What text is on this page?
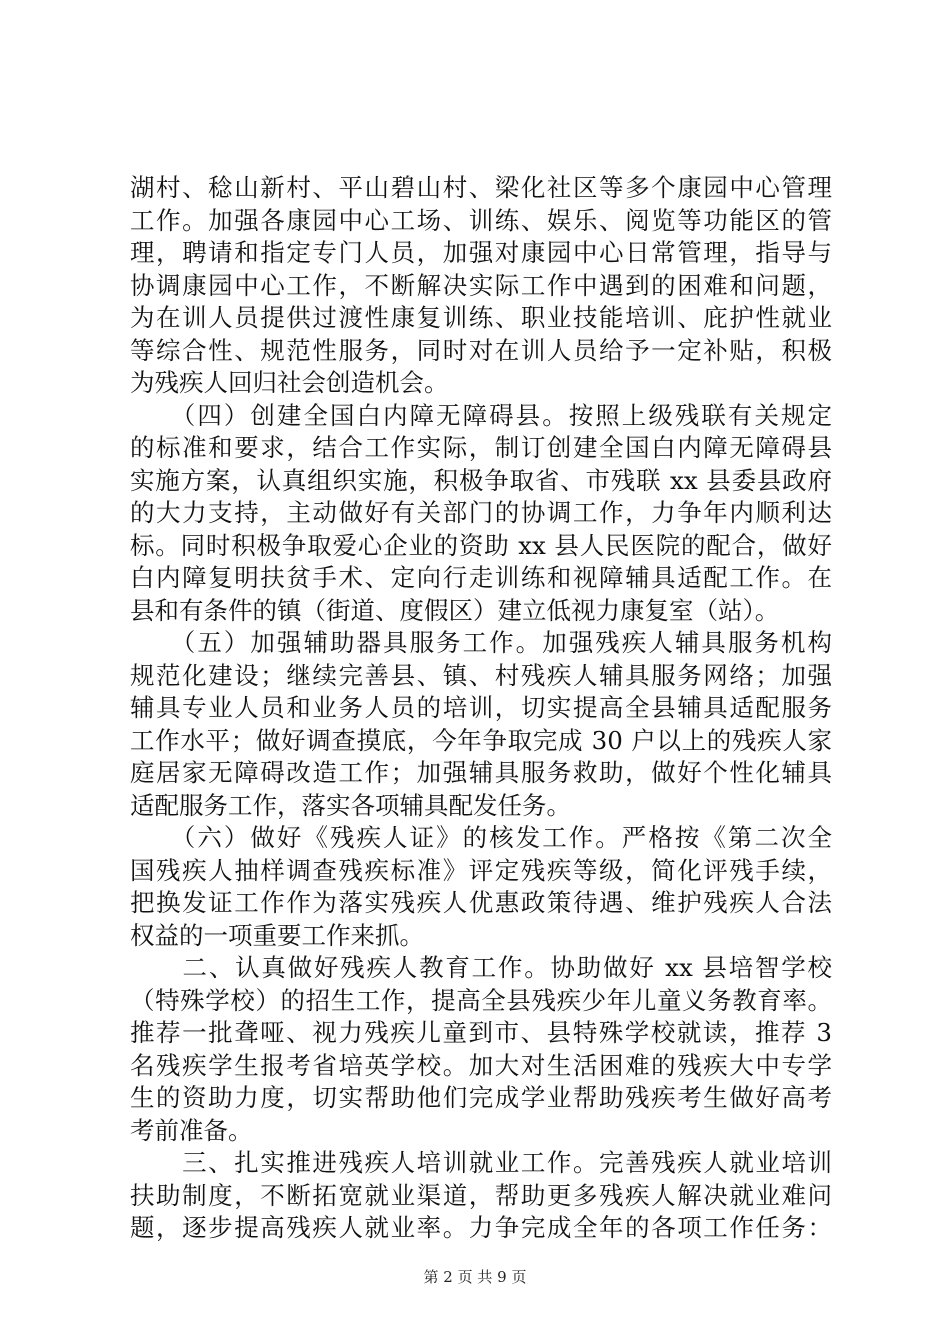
湖村、稔山新村、平山碧山村、梁化社区等多个康园中心管理
工作。加强各康园中心工场、训练、娱乐、阅览等功能区的管
理，聘请和指定专门人员，加强对康园中心日常管理，指导与
协调康园中心工作，不断解决实际工作中遇到的困难和问题，
为在训人员提供过渡性康复训练、职业技能培训、庇护性就业
等综合性、规范性服务，同时对在训人员给予一定补贴，积极
为残疾人回归社会创造机会。
　　（四）创建全国白内障无障碍县。按照上级残联有关规定
的标准和要求，结合工作实际，制订创建全国白内障无障碍县
实施方案，认真组织实施，积极争取省、市残联 xx 县委县政府
的大力支持，主动做好有关部门的协调工作，力争年内顺利达
标。同时积极争取爱心企业的资助 xx 县人民医院的配合，做好
白内障复明扶贫手术、定向行走训练和视障辅具适配工作。在
县和有条件的镇（街道、度假区）建立低视力康复室（站）。
　　（五）加强辅助器具服务工作。加强残疾人辅具服务机构
规范化建设；继续完善县、镇、村残疾人辅具服务网络；加强
辅具专业人员和业务人员的培训，切实提高全县辅具适配服务
工作水平；做好调查摸底，今年争取完成 30 户以上的残疾人家
庭居家无障碍改造工作；加强辅具服务救助，做好个性化辅具
适配服务工作，落实各项辅具配发任务。
　　（六）做好《残疾人证》的核发工作。严格按《第二次全
国残疾人抽样调查残疾标准》评定残疾等级，简化评残手续，
把换发证工作作为落实残疾人优惠政策待遇、维护残疾人合法
权益的一项重要工作来抓。
　　二、认真做好残疾人教育工作。协助做好 xx 县培智学校
（特殊学校）的招生工作，提高全县残疾少年儿童义务教育率。
推荐一批聋哑、视力残疾儿童到市、县特殊学校就读，推荐 3
名残疾学生报考省培英学校。加大对生活困难的残疾大中专学
生的资助力度，切实帮助他们完成学业帮助残疾考生做好高考
考前准备。
　　三、扎实推进残疾人培训就业工作。完善残疾人就业培训
扶助制度，不断拓宽就业渠道，帮助更多残疾人解决就业难问
题，逐步提高残疾人就业率。力争完成全年的各项工作任务：
第 2 页 共 9 页
